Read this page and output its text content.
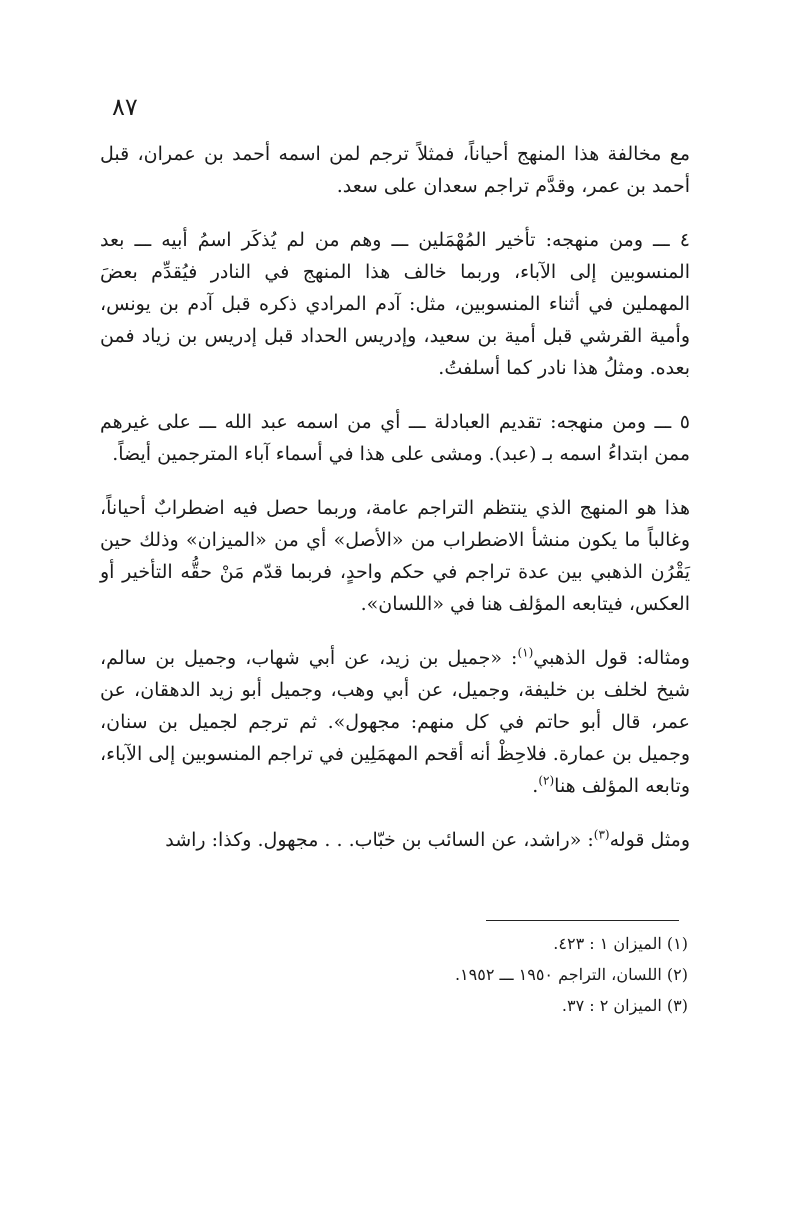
٨٧

مع مخالفة هذا المنهج أحياناً، فمثلاً ترجم لمن اسمه أحمد بن عمران، قبل أحمد بن عمر، وقدَّم تراجم سعدان على سعد.

٤ ـــ ومن منهجه: تأخير المُهْمَلين ـــ وهم من لم يُذكَر اسمُ أبيه ـــ بعد المنسوبين إلى الآباء، وربما خالف هذا المنهج في النادر فيُقدِّم بعضَ المهملين في أثناء المنسوبين، مثل: آدم المرادي ذكره قبل آدم بن يونس، وأمية القرشي قبل أمية بن سعيد، وإدريس الحداد قبل إدريس بن زياد فمن بعده. ومثلُ هذا نادر كما أسلفتُ.

٥ ـــ ومن منهجه: تقديم العبادلة ـــ أي من اسمه عبد الله ـــ على غيرهم ممن ابتداءُ اسمه بـ (عبد). ومشى على هذا في أسماء آباء المترجمين أيضاً.

هذا هو المنهج الذي ينتظم التراجم عامة، وربما حصل فيه اضطرابٌ أحياناً، وغالباً ما يكون منشأ الاضطراب من «الأصل» أي من «الميزان» وذلك حين يَقْرُن الذهبي بين عدة تراجم في حكم واحدٍ، فربما قدّم مَنْ حقُّه التأخير أو العكس، فيتابعه المؤلف هنا في «اللسان».

ومثاله: قول الذهبي$^{(١)}$: «جميل بن زيد، عن أبي شهاب، وجميل بن سالم، شيخ لخلف بن خليفة، وجميل، عن أبي وهب، وجميل أبو زيد الدهقان، عن عمر، قال أبو حاتم في كل منهم: مجهول». ثم ترجم لجميل بن سنان، وجميل بن عمارة. فلاحِظْ أنه أقحم المهمَلِين في تراجم المنسوبين إلى الآباء، وتابعه المؤلف هنا$^{(٢)}$.

ومثل قوله$^{(٣)}$: «راشد، عن السائب بن خبّاب. . . مجهول. وكذا: راشد

(١) الميزان ١ : ٤٢٣.

(٢) اللسان، التراجم ١٩٥٠ ـــ ١٩٥٢.

(٣) الميزان ٢ : ٣٧.
